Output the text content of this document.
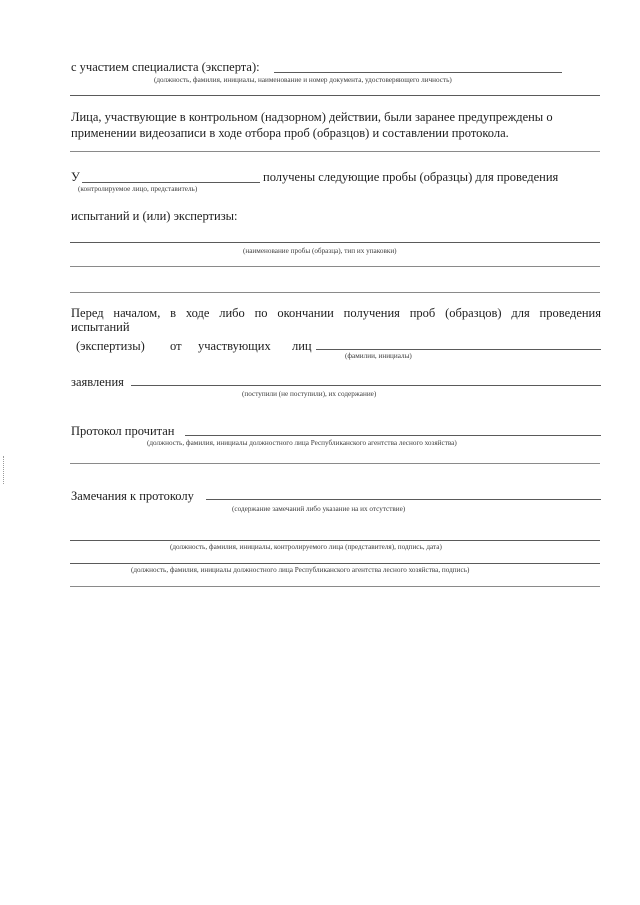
с участием специалиста (эксперта):
(должность, фамилия, инициалы, наименование и номер документа, удостоверяющего личность)
Лица, участвующие в контрольном (надзорном) действии, были заранее предупреждены о
применении видеозаписи в ходе отбора проб (образцов) и составлении протокола.
У	получены следующие пробы (образцы) для проведения
(контролируемое лицо, представитель)
испытаний и (или) экспертизы:
(наименование пробы (образца), тип их упаковки)
Перед началом, в ходе либо по окончании получения проб (образцов) для проведения
испытаний
(экспертизы) от участвующих лиц
(фамилии, инициалы)
заявления
(поступили (не поступили), их содержание)
Протокол прочитан
(должность, фамилия, инициалы должностного лица Республиканского агентства лесного хозяйства)
Замечания к протоколу
(содержание замечаний либо указание на их отсутствие)
(должность, фамилия, инициалы, контролируемого лица (представителя), подпись, дата)
(должность, фамилия, инициалы должностного лица Республиканского агентства лесного хозяйства, подпись)
